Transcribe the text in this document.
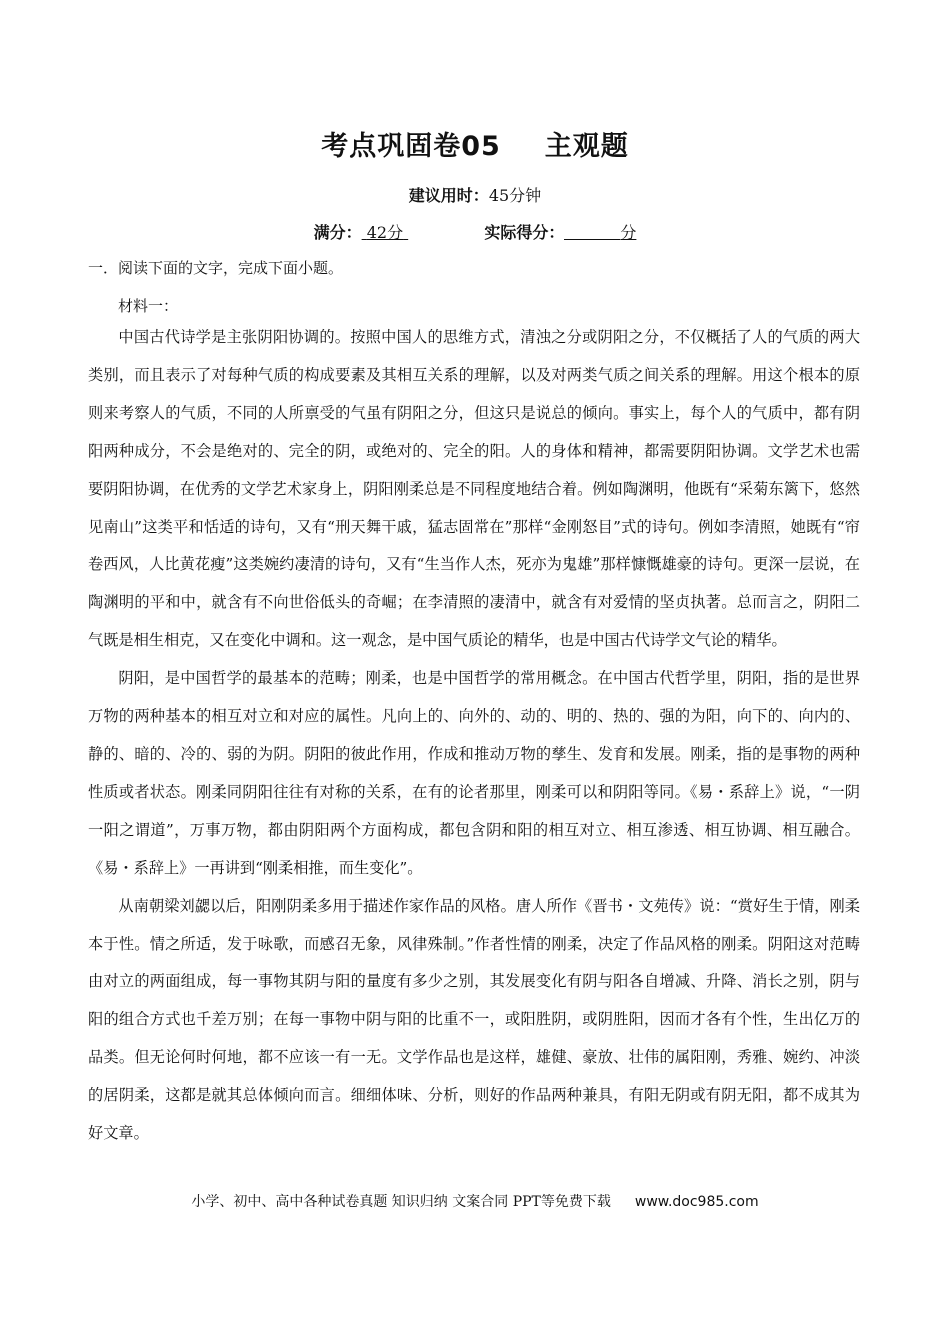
考点巩固卷05 主观题
建议用时：45分钟
满分： 42分	实际得分：	分
一．阅读下面的文字，完成下面小题。
材料一：

中国古代诗学是主张阴阳协调的。按照中国人的思维方式，清浊之分或阴阳之分，不仅概括了人的气质的两大类别，而且表示了对每种气质的构成要素及其相互关系的理解，以及对两类气质之间关系的理解。用这个根本的原则来考察人的气质，不同的人所禀受的气虽有阴阳之分，但这只是说总的倾向。事实上，每个人的气质中，都有阴阳两种成分，不会是绝对的、完全的阴，或绝对的、完全的阳。人的身体和精神，都需要阴阳协调。文学艺术也需要阴阳协调，在优秀的文学艺术家身上，阴阳刚柔总是不同程度地结合着。例如陶渊明，他既有“采菊东篱下，悠然见南山”这类平和恬适的诗句，又有“刑天舞干戚，猛志固常在”那样“金刚怒目”式的诗句。例如李清照，她既有“帘卷西风，人比黄花瘦”这类婉约凄清的诗句，又有“生当作人杰，死亦为鬼雄”那样慷慨雄豪的诗句。更深一层说，在陶渊明的平和中，就含有不向世俗低头的奇崛；在李清照的凄清中，就含有对爱情的坚贞执著。总而言之，阴阳二气既是相生相克，又在变化中调和。这一观念，是中国气质论的精华，也是中国古代诗学文气论的精华。

阴阳，是中国哲学的最基本的范畴；刚柔，也是中国哲学的常用概念。在中国古代哲学里，阴阳，指的是世界万物的两种基本的相互对立和对应的属性。凡向上的、向外的、动的、明的、热的、强的为阳，向下的、向内的、静的、暗的、冷的、弱的为阴。阴阳的彼此作用，作成和推动万物的孳生、发育和发展。刚柔，指的是事物的两种性质或者状态。刚柔同阴阳往往有对称的关系，在有的论者那里，刚柔可以和阴阳等同。《易・系辞上》说，“一阴一阳之谓道”，万事万物，都由阴阳两个方面构成，都包含阴和阳的相互对立、相互渗透、相互协调、相互融合。《易・系辞上》一再讲到“刚柔相推，而生变化”。

从南朝梁刘勰以后，阳刚阴柔多用于描述作家作品的风格。唐人所作《晋书・文苑传》说：“赏好生于情，刚柔本于性。情之所适，发于咏歌，而感召无象，风律殊制。”作者性情的刚柔，决定了作品风格的刚柔。阴阳这对范畴由对立的两面组成，每一事物其阴与阳的量度有多少之别，其发展变化有阴与阳各自增减、升降、消长之别，阴与阳的组合方式也千差万别；在每一事物中阴与阳的比重不一，或阳胜阴，或阴胜阳，因而才各有个性，生出亿万的品类。但无论何时何地，都不应该一有一无。文学作品也是这样，雄健、豪放、壮伟的属阳刚，秀雅、婉约、冲淡的居阴柔，这都是就其总体倾向而言。细细体味、分析，则好的作品两种兼具，有阳无阴或有阴无阳，都不成其为好文章。

小学、初中、高中各种试卷真题 知识归纳 文案合同 PPT等免费下载 www.doc985.com
